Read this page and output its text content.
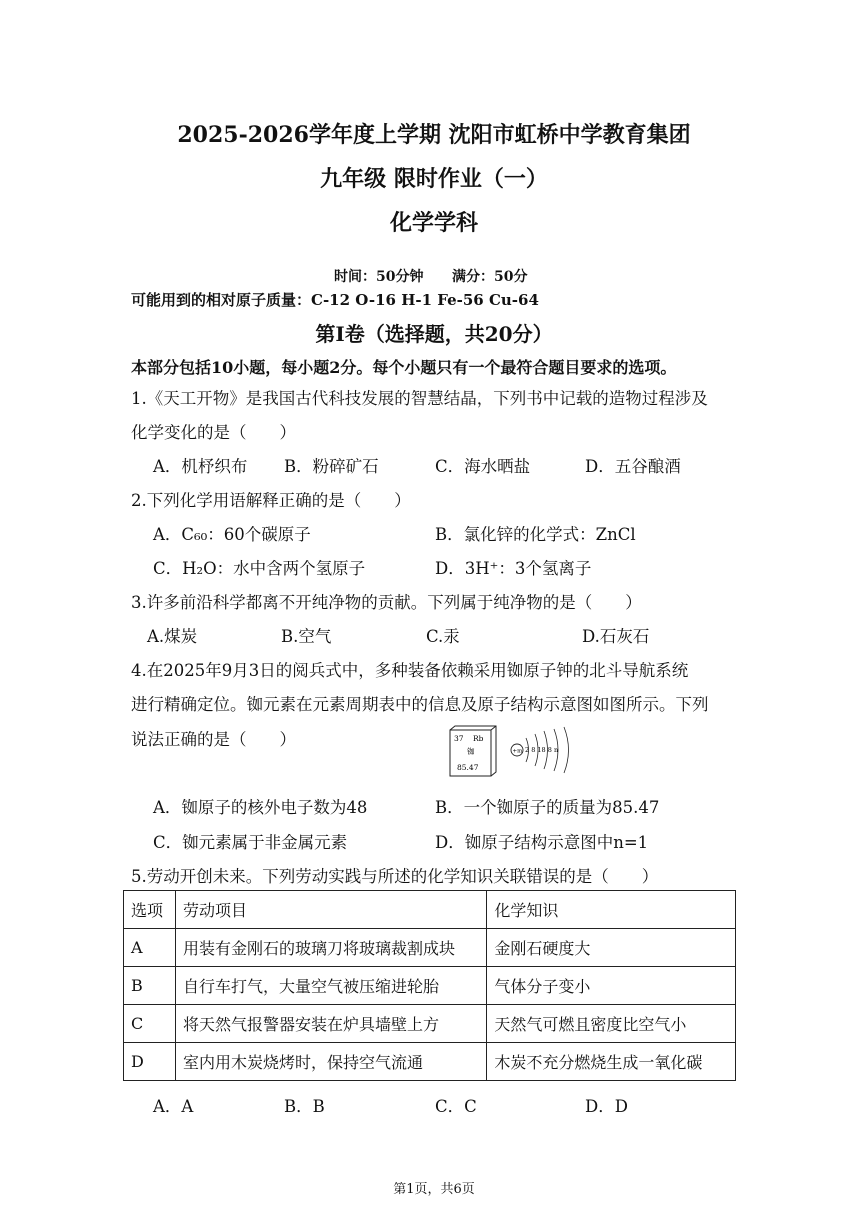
2025-2026学年度上学期 沈阳市虹桥中学教育集团
九年级 限时作业（一）
化学学科
时间：50分钟 满分：50分
可能用到的相对原子质量：C-12 O-16 H-1 Fe-56 Cu-64
第I卷（选择题，共20分）
本部分包括10小题，每小题2分。每个小题只有一个最符合题目要求的选项。
1.《天工开物》是我国古代科技发展的智慧结晶，下列书中记载的造物过程涉及
化学变化的是（　　）
A．机杼织布 B．粉碎矿石	C．海水晒盐	D．五谷酿酒
2.下列化学用语解释正确的是（　　）
A．C₆₀：60个碳原子	B．氯化锌的化学式：ZnCl
C．H₂O：水中含两个氢原子	D．3H⁺：3个氢离子
3.许多前沿科学都离不开纯净物的贡献。下列属于纯净物的是（　　）
A.煤炭	B.空气	C.汞	D.石灰石
4.在2025年9月3日的阅兵式中，多种装备依赖采用铷原子钟的北斗导航系统
进行精确定位。铷元素在元素周期表中的信息及原子结构示意图如图所示。下列
说法正确的是（　　）	37 Rb
铷
85.47
+m 2 8 18 8 n
A．铷原子的核外电子数为48	B．一个铷原子的质量为85.47
C．铷元素属于非金属元素	D．铷原子结构示意图中n=1
5.劳动开创未来。下列劳动实践与所述的化学知识关联错误的是（　　）
选项	劳动项目	化学知识
A	用装有金刚石的玻璃刀将玻璃裁割成块	金刚石硬度大
B	自行车打气，大量空气被压缩进轮胎	气体分子变小
C	将天然气报警器安装在炉具墙壁上方	天然气可燃且密度比空气小
D	室内用木炭烧烤时，保持空气流通	木炭不充分燃烧生成一氧化碳
A．A	B．B	C．C	D．D
第1页，共6页
